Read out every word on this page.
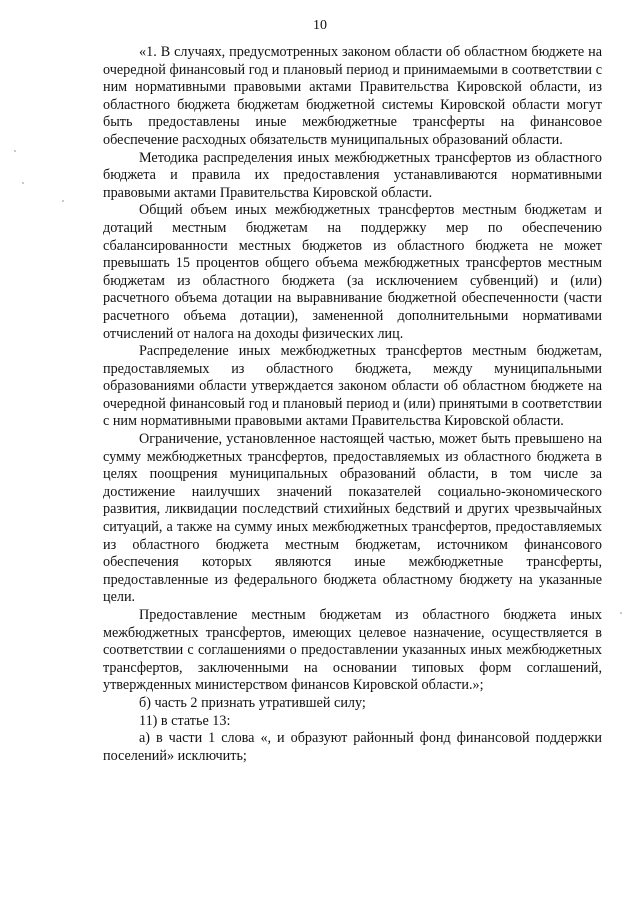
10

«1. В случаях, предусмотренных законом области об областном бюджете на очередной финансовый год и плановый период и принимаемыми в соответствии с ним нормативными правовыми актами Правительства Кировской области, из областного бюджета бюджетам бюджетной системы Кировской области могут быть предоставлены иные межбюджетные трансферты на финансовое обеспечение расходных обязательств муниципальных образований области.

Методика распределения иных межбюджетных трансфертов из областного бюджета и правила их предоставления устанавливаются нормативными правовыми актами Правительства Кировской области.

Общий объем иных межбюджетных трансфертов местным бюджетам и дотаций местным бюджетам на поддержку мер по обеспечению сбалансированности местных бюджетов из областного бюджета не может превышать 15 процентов общего объема межбюджетных трансфертов местным бюджетам из областного бюджета (за исключением субвенций) и (или) расчетного объема дотации на выравнивание бюджетной обеспеченности (части расчетного объема дотации), замененной дополнительными нормативами отчислений от налога на доходы физических лиц.

Распределение иных межбюджетных трансфертов местным бюджетам, предоставляемых из областного бюджета, между муниципальными образованиями области утверждается законом области об областном бюджете на очередной финансовый год и плановый период и (или) принятыми в соответствии с ним нормативными правовыми актами Правительства Кировской области.

Ограничение, установленное настоящей частью, может быть превышено на сумму межбюджетных трансфертов, предоставляемых из областного бюджета в целях поощрения муниципальных образований области, в том числе за достижение наилучших значений показателей социально-экономического развития, ликвидации последствий стихийных бедствий и других чрезвычайных ситуаций, а также на сумму иных межбюджетных трансфертов, предоставляемых из областного бюджета местным бюджетам, источником финансового обеспечения которых являются иные межбюджетные трансферты, предоставленные из федерального бюджета областному бюджету на указанные цели.

Предоставление местным бюджетам из областного бюджета иных межбюджетных трансфертов, имеющих целевое назначение, осуществляется в соответствии с соглашениями о предоставлении указанных иных межбюджетных трансфертов, заключенными на основании типовых форм соглашений, утвержденных министерством финансов Кировской области.»;

б) часть 2 признать утратившей силу;

11) в статье 13:

а) в части 1 слова «, и образуют районный фонд финансовой поддержки поселений» исключить;
